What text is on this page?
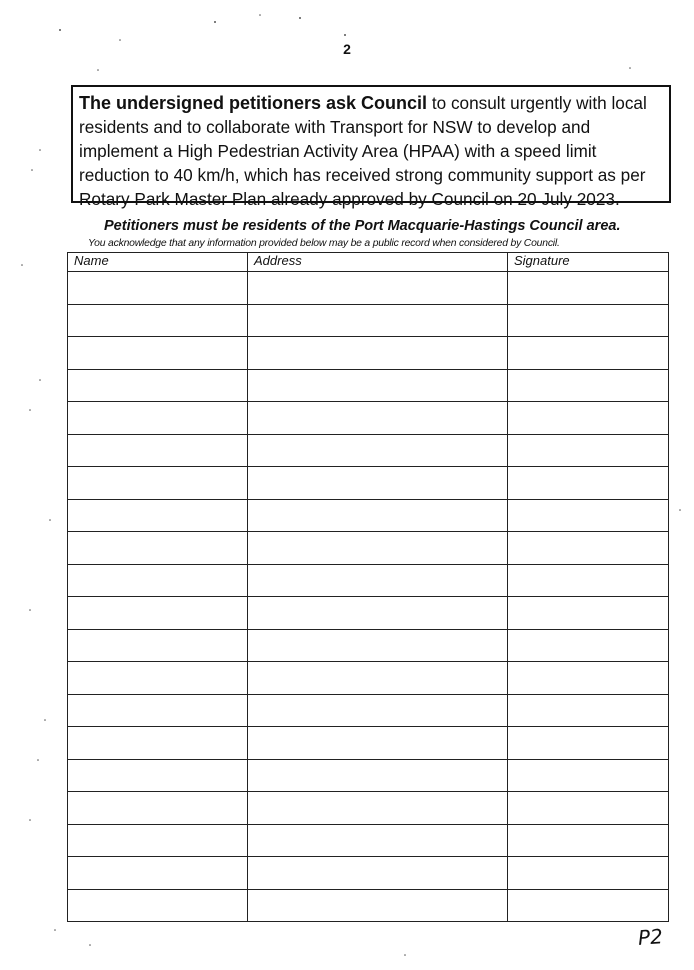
2
The undersigned petitioners ask Council to consult urgently with local residents and to collaborate with Transport for NSW to develop and implement a High Pedestrian Activity Area (HPAA) with a speed limit reduction to 40 km/h, which has received strong community support as per Rotary Park Master Plan already approved by Council on 20 July 2023.
Petitioners must be residents of the Port Macquarie-Hastings Council area.
You acknowledge that any information provided below may be a public record when considered by Council.
Name	Address	Signature

P2
